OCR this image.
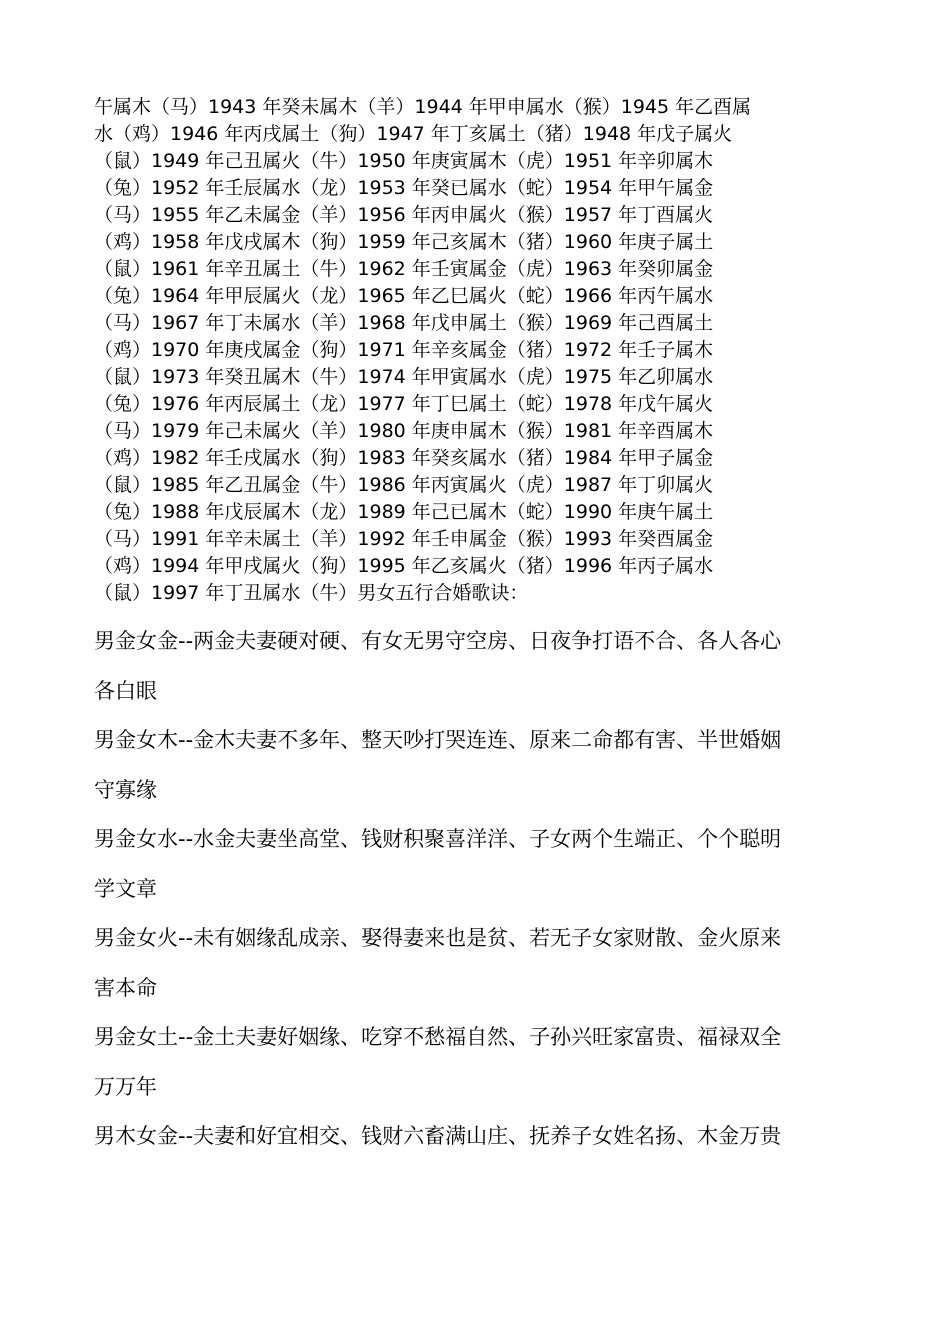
午属木（马）1943 年癸未属木（羊）1944 年甲申属水（猴）1945 年乙酉属
水（鸡）1946 年丙戌属土（狗）1947 年丁亥属土（猪）1948 年戊子属火
（鼠）1949 年己丑属火（牛）1950 年庚寅属木（虎）1951 年辛卯属木
（兔）1952 年壬辰属水（龙）1953 年癸已属水（蛇）1954 年甲午属金
（马）1955 年乙未属金（羊）1956 年丙申属火（猴）1957 年丁酉属火
（鸡）1958 年戊戌属木（狗）1959 年己亥属木（猪）1960 年庚子属土
（鼠）1961 年辛丑属土（牛）1962 年壬寅属金（虎）1963 年癸卯属金
（兔）1964 年甲辰属火（龙）1965 年乙巳属火（蛇）1966 年丙午属水
（马）1967 年丁未属水（羊）1968 年戊申属土（猴）1969 年己酉属土
（鸡）1970 年庚戌属金（狗）1971 年辛亥属金（猪）1972 年壬子属木
（鼠）1973 年癸丑属木（牛）1974 年甲寅属水（虎）1975 年乙卯属水
（兔）1976 年丙辰属土（龙）1977 年丁巳属土（蛇）1978 年戊午属火
（马）1979 年己未属火（羊）1980 年庚申属木（猴）1981 年辛酉属木
（鸡）1982 年壬戌属水（狗）1983 年癸亥属水（猪）1984 年甲子属金
（鼠）1985 年乙丑属金（牛）1986 年丙寅属火（虎）1987 年丁卯属火
（兔）1988 年戊辰属木（龙）1989 年己已属木（蛇）1990 年庚午属土
（马）1991 年辛未属土（羊）1992 年壬申属金（猴）1993 年癸酉属金
（鸡）1994 年甲戌属火（狗）1995 年乙亥属火（猪）1996 年丙子属水
（鼠）1997 年丁丑属水（牛）男女五行合婚歌诀：
男金女金--两金夫妻硬对硬、有女无男守空房、日夜争打语不合、各人各心
各白眼
男金女木--金木夫妻不多年、整天吵打哭连连、原来二命都有害、半世婚姻
守寡缘
男金女水--水金夫妻坐高堂、钱财积聚喜洋洋、子女两个生端正、个个聪明
学文章
男金女火--未有姻缘乱成亲、娶得妻来也是贫、若无子女家财散、金火原来
害本命
男金女土--金土夫妻好姻缘、吃穿不愁福自然、子孙兴旺家富贵、福禄双全
万万年
男木女金--夫妻和好宜相交、钱财六畜满山庄、抚养子女姓名扬、木金万贵
